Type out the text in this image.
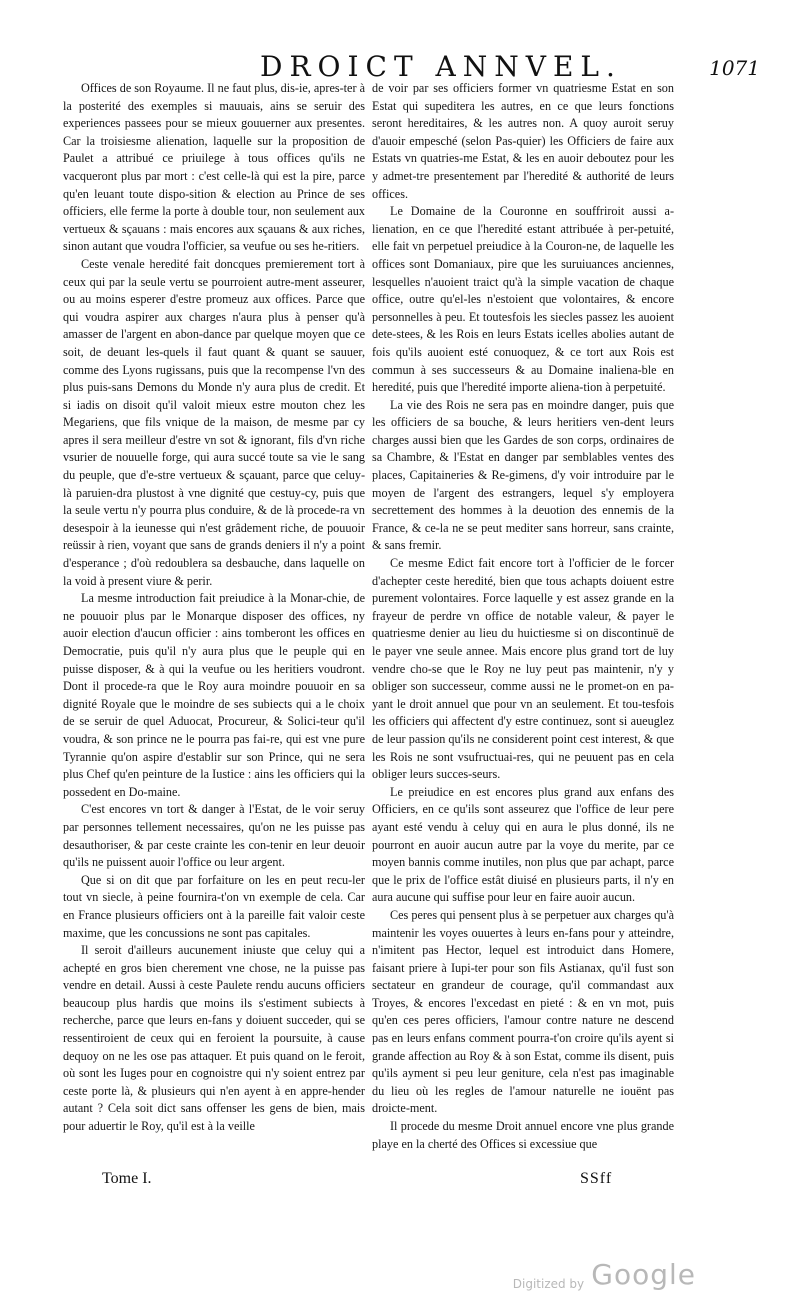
DROICT ANNVEL.	1071

Offices de son Royaume. Il ne faut plus, dis-ie, apres-ter à la posterité des exemples si mauuais, ains se seruir des experiences passees pour se mieux gouuerner aux presentes. Car la troisiesme alienation, laquelle sur la proposition de Paulet a attribué ce priuilege à tous offices qu'ils ne vacqueront plus par mort : c'est celle-là qui est la pire, parce qu'en leuant toute dispo-sition & election au Prince de ses officiers, elle ferme la porte à double tour, non seulement aux vertueux & sçauans : mais encores aux sçauans & aux riches, sinon autant que voudra l'officier, sa veufue ou ses he-ritiers.

Ceste venale heredité fait doncques premierement tort à ceux qui par la seule vertu se pourroient autre-ment asseurer, ou au moins esperer d'estre promeuz aux offices. Parce que qui voudra aspirer aux charges n'aura plus à penser qu'à amasser de l'argent en abon-dance par quelque moyen que ce soit, de deuant les-quels il faut quant & quant se sauuer, comme des Lyons rugissans, puis que la recompense l'vn des plus puis-sans Demons du Monde n'y aura plus de credit. Et si iadis on disoit qu'il valoit mieux estre mouton chez les Megariens, que fils vnique de la maison, de mesme par cy apres il sera meilleur d'estre vn sot & ignorant, fils d'vn riche vsurier de nouuelle forge, qui aura succé toute sa vie le sang du peuple, que d'e-stre vertueux & sçauant, parce que celuy-là paruien-dra plustost à vne dignité que cestuy-cy, puis que la seule vertu n'y pourra plus conduire, & de là procede-ra vn desespoir à la ieunesse qui n'est grâdement riche, de pouuoir reüssir à rien, voyant que sans de grands deniers il n'y a point d'esperance ; d'où redoublera sa desbauche, dans laquelle on la void à present viure & perir.

La mesme introduction fait preiudice à la Monar-chie, de ne pouuoir plus par le Monarque disposer des offices, ny auoir election d'aucun officier : ains tomberont les offices en Democratie, puis qu'il n'y aura plus que le peuple qui en puisse disposer, & à qui la veufue ou les heritiers voudront. Dont il procede-ra que le Roy aura moindre pouuoir en sa dignité Royale que le moindre de ses subiects qui a le choix de se seruir de quel Aduocat, Procureur, & Solici-teur qu'il voudra, & son prince ne le pourra pas fai-re, qui est vne pure Tyrannie qu'on aspire d'establir sur son Prince, qui ne sera plus Chef qu'en peinture de la Iustice : ains les officiers qui la possedent en Do-maine.

C'est encores vn tort & danger à l'Estat, de le voir seruy par personnes tellement necessaires, qu'on ne les puisse pas desauthoriser, & par ceste crainte les con-tenir en leur deuoir qu'ils ne puissent auoir l'office ou leur argent.

Que si on dit que par forfaiture on les en peut recu-ler tout vn siecle, à peine fournira-t'on vn exemple de cela. Car en France plusieurs officiers ont à la pareille fait valoir ceste maxime, que les concussions ne sont pas capitales.

Il seroit d'ailleurs aucunement iniuste que celuy qui a achepté en gros bien cherement vne chose, ne la puisse pas vendre en detail. Aussi à ceste Paulete rendu aucuns officiers beaucoup plus hardis que moins ils s'estiment subiects à recherche, parce que leurs en-fans y doiuent succeder, qui se ressentiroient de ceux qui en feroient la poursuite, à cause dequoy on ne les ose pas attaquer. Et puis quand on le feroit, où sont les Iuges pour en cognoistre qui n'y soient entrez par ceste porte là, & plusieurs qui n'en ayent à en appre-hender autant ? Cela soit dict sans offenser les gens de bien, mais pour aduertir le Roy, qu'il est à la veille

de voir par ses officiers former vn quatriesme Estat en son Estat qui supeditera les autres, en ce que leurs fonctions seront hereditaires, & les autres non. A quoy auroit seruy d'auoir empesché (selon Pas-quier) les Officiers de faire aux Estats vn quatries-me Estat, & les en auoir deboutez pour les y admet-tre presentement par l'heredité & authorité de leurs offices.

Le Domaine de la Couronne en souffriroit aussi a-lienation, en ce que l'heredité estant attribuée à per-petuité, elle fait vn perpetuel preiudice à la Couron-ne, de laquelle les offices sont Domaniaux, pire que les suruiuances anciennes, lesquelles n'auoient traict qu'à la simple vacation de chaque office, outre qu'el-les n'estoient que volontaires, & encore personnelles à peu. Et toutesfois les siecles passez les auoient dete-stees, & les Rois en leurs Estats icelles abolies autant de fois qu'ils auoient esté conuoquez, & ce tort aux Rois est commun à ses successeurs & au Domaine inaliena-ble en heredité, puis que l'heredité importe aliena-tion à perpetuité.

La vie des Rois ne sera pas en moindre danger, puis que les officiers de sa bouche, & leurs heritiers ven-dent leurs charges aussi bien que les Gardes de son corps, ordinaires de sa Chambre, & l'Estat en danger par semblables ventes des places, Capitaineries & Re-gimens, d'y voir introduire par le moyen de l'argent des estrangers, lequel s'y employera secrettement des hommes à la deuotion des ennemis de la France, & ce-la ne se peut mediter sans horreur, sans crainte, & sans fremir.

Ce mesme Edict fait encore tort à l'officier de le forcer d'achepter ceste heredité, bien que tous achapts doiuent estre purement volontaires. Force laquelle y est assez grande en la frayeur de perdre vn office de notable valeur, & payer le quatriesme denier au lieu du huictiesme si on discontinuë de le payer vne seule annee. Mais encore plus grand tort de luy vendre cho-se que le Roy ne luy peut pas maintenir, n'y y obliger son successeur, comme aussi ne le promet-on en pa-yant le droit annuel que pour vn an seulement. Et tou-tesfois les officiers qui affectent d'y estre continuez, sont si aueuglez de leur passion qu'ils ne considerent point cest interest, & que les Rois ne sont vsufructuai-res, qui ne peuuent pas en cela obliger leurs succes-seurs.

Le preiudice en est encores plus grand aux enfans des Officiers, en ce qu'ils sont asseurez que l'office de leur pere ayant esté vendu à celuy qui en aura le plus donné, ils ne pourront en auoir aucun autre par la voye du merite, par ce moyen bannis comme inutiles, non plus que par achapt, parce que le prix de l'office estât diuisé en plusieurs parts, il n'y en aura aucune qui suffise pour leur en faire auoir aucun.

Ces peres qui pensent plus à se perpetuer aux charges qu'à maintenir les voyes ouuertes à leurs en-fans pour y atteindre, n'imitent pas Hector, lequel est introduict dans Homere, faisant priere à Iupi-ter pour son fils Astianax, qu'il fust son sectateur en grandeur de courage, qu'il commandast aux Troyes, & encores l'excedast en pieté : & en vn mot, puis qu'en ces peres officiers, l'amour contre nature ne descend pas en leurs enfans comment pourra-t'on croire qu'ils ayent si grande affection au Roy & à son Estat, comme ils disent, puis qu'ils ayment si peu leur geniture, cela n'est pas imaginable du lieu où les regles de l'amour naturelle ne iouënt pas droicte-ment.

Il procede du mesme Droit annuel encore vne plus grande playe en la cherté des Offices si excessiue que

Tome I.	SSff
Digitized by Google
